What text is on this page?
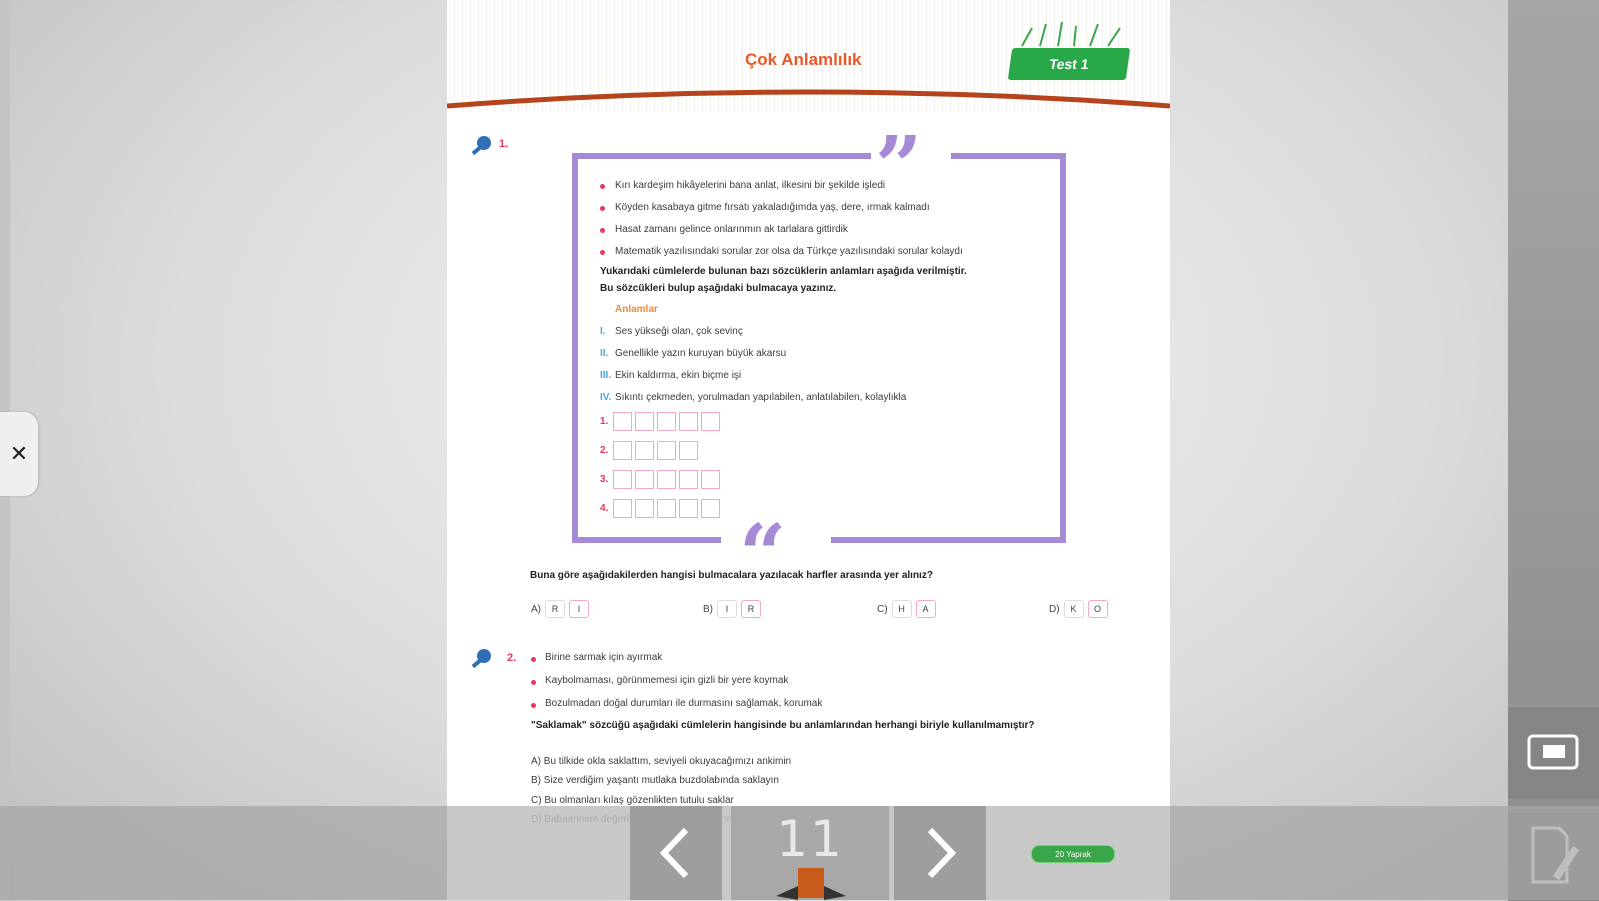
✕
Çok Anlamlılık	Test 1
1.	”
“
Kırı kardeşim hikâyelerini bana anlat, ilkesini bir şekilde işledi
Köyden kasabaya gitme fırsatı yakaladığımda yaş, dere, ırmak kalmadı
Hasat zamanı gelince onlarınmın ak tarlalara gittirdik
Matematik yazılısındaki sorular zor olsa da Türkçe yazılısındaki sorular kolaydı
Yukarıdaki cümlelerde bulunan bazı sözcüklerin anlamları aşağıda verilmiştir.
Bu sözcükleri bulup aşağıdaki bulmacaya yazınız.
Anlamlar
I. Ses yükseği olan, çok sevinç
II. Genellikle yazın kuruyan büyük akarsu
III. Ekin kaldırma, ekin biçme işi
IV. Sıkıntı çekmeden, yorulmadan yapılabilen, anlatılabilen, kolaylıkla
1.
2.
3.
4.
Buna göre aşağıdakilerden hangisi bulmacalara yazılacak harfler arasında yer alınız?
A)	R	I	B)	I	R	C)	H	A	D)	K	O
2.	Birine sarmak için ayırmak
Kaybolmaması, görünmemesi için gizli bir yere koymak
Bozulmadan doğal durumları ile durmasını sağlamak, korumak
"Saklamak" sözcüğü aşağıdaki cümlelerin hangisinde bu anlamlarından herhangi biriyle kullanılmamıştır?
A) Bu tilkide okla saklattım, seviyeli okuyacağımızı ankimin
B) Size verdiğim yaşantı mutlaka buzdolabında saklayın
C) Bu olmanları kılaş gözenlikten tutulu saklar
11	20 Yaprak
